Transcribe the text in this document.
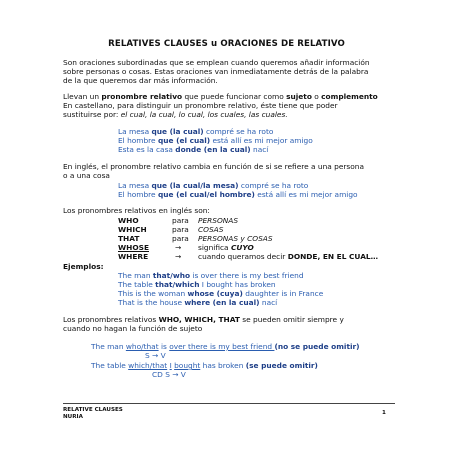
RELATIVES CLAUSES u ORACIONES DE RELATIVO
Son oraciones subordinadas que se emplean cuando queremos añadir información
sobre personas o cosas. Estas oraciones van inmediatamente detrás de la palabra
de la que queremos dar más información.
Llevan un pronombre relativo que puede funcionar como sujeto o complemento
En castellano, para distinguir un pronombre relativo, éste tiene que poder
sustituirse por: el cual, la cual, lo cual, los cuales, las cuales.
La mesa que (la cual) compré se ha roto
El hombre que (el cual) está allí es mi mejor amigo
Esta es la casa donde (en la cual) nací
En inglés, el pronombre relativo cambia en función de si se refiere a una persona
o a una cosa
La mesa que (la cual/la mesa) compré se ha roto
El hombre que (el cual/el hombre) está allí es mi mejor amigo
Los pronombres relativos en inglés son:
WHO	para PERSONAS
WHICH	para COSAS
THAT	para PERSONAS y COSAS
WHOSE	→ significa CUYO
WHERE	→ cuando queramos decir DONDE, EN EL CUAL…
Ejemplos:
The man that/who is over there is my best friend
The table that/which I bought has broken
This is the woman whose (cuya) daughter is in France
That is the house where (en la cual) nací
Los pronombres relativos WHO, WHICH, THAT se pueden omitir siempre y
cuando no hagan la función de sujeto
The man who/that is over there is my best friend (no se puede omitir)
S → V
The table which/that I bought has broken (se puede omitir)
CD S → V
RELATIVE CLAUSES
NURIA
1
